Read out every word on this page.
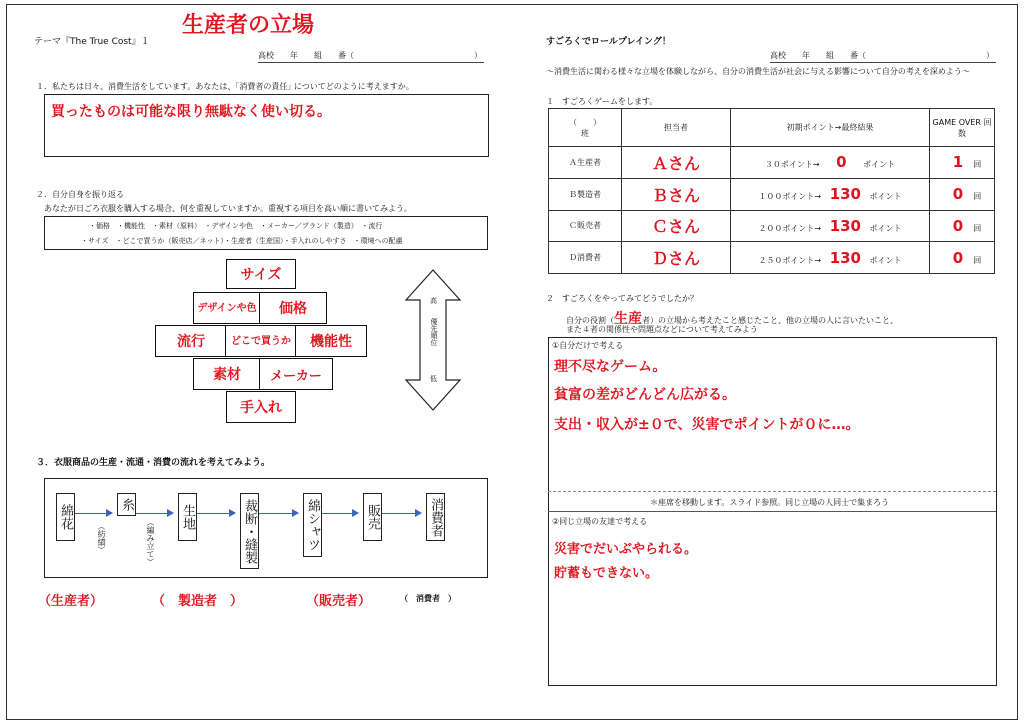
テーマ『The True Cost』１
生産者の立場
高校　　年　　組　　番（　　　　　　　　　　　　　　　）
１．私たちは日々、消費生活をしています。あなたは、｢消費者の責任｣ についてどのように考えますか。
買ったものは可能な限り無駄なく使い切る。
２．自分自身を振り返る
あなたが日ごろ衣服を購入する場合、何を重視していますか。重視する項目を高い順に書いてみよう。
・価格　・機能性　・素材（原料）　・デザインや色　・メーカー／ブランド（製造）　・流行
・サイズ　・どこで買うか（販売店／ネット）・生産者（生産国）・手入れのしやすさ　・環境への配慮
サイズ
デザインや色	価格
流行	どこで買うか	機能性
素材	メーカー
手入れ
高
優先順位
低
３．衣服商品の生産・流通・消費の流れを考えてみよう。
綿花	糸	生地	裁断・縫製	綿シャツ	販売	消費者
（紡績）	（編み立て）
（生産者）	（　製造者　）	（販売者）	（　消費者　）
すごろくでロールプレイング！
高校　　年　　組　　番（　　　　　　　　　　　　　　　）
～消費生活に関わる様々な立場を体験しながら、自分の消費生活が社会に与える影響について自分の考えを深めよう～
１　すごろくゲームをします。
（　　）
班	担当者	初期ポイント→最終結果	GAME OVER 回数
Ａ生産者	Ａさん	３０ポイント→ 0 ポイント	1 回
Ｂ製造者	Ｂさん	１００ポイント→ 130 ポイント	0 回
Ｃ販売者	Ｃさん	２００ポイント→ 130 ポイント	0 回
Ｄ消費者	Ｄさん	２５０ポイント→ 130 ポイント	0 回
２　すごろくをやってみてどうでしたか？
自分の役割（生産者）の立場から考えたこと感じたこと、他の立場の人に言いたいこと、
また４者の関係性や問題点などについて考えてみよう
①自分だけで考える
理不尽なゲーム。
貧富の差がどんどん広がる。
支出・収入が±０で、災害でポイントが０に…。
＊座席を移動します。スライド参照。同じ立場の人同士で集まろう
②同じ立場の友達で考える
災害でだいぶやられる。
貯蓄もできない。
